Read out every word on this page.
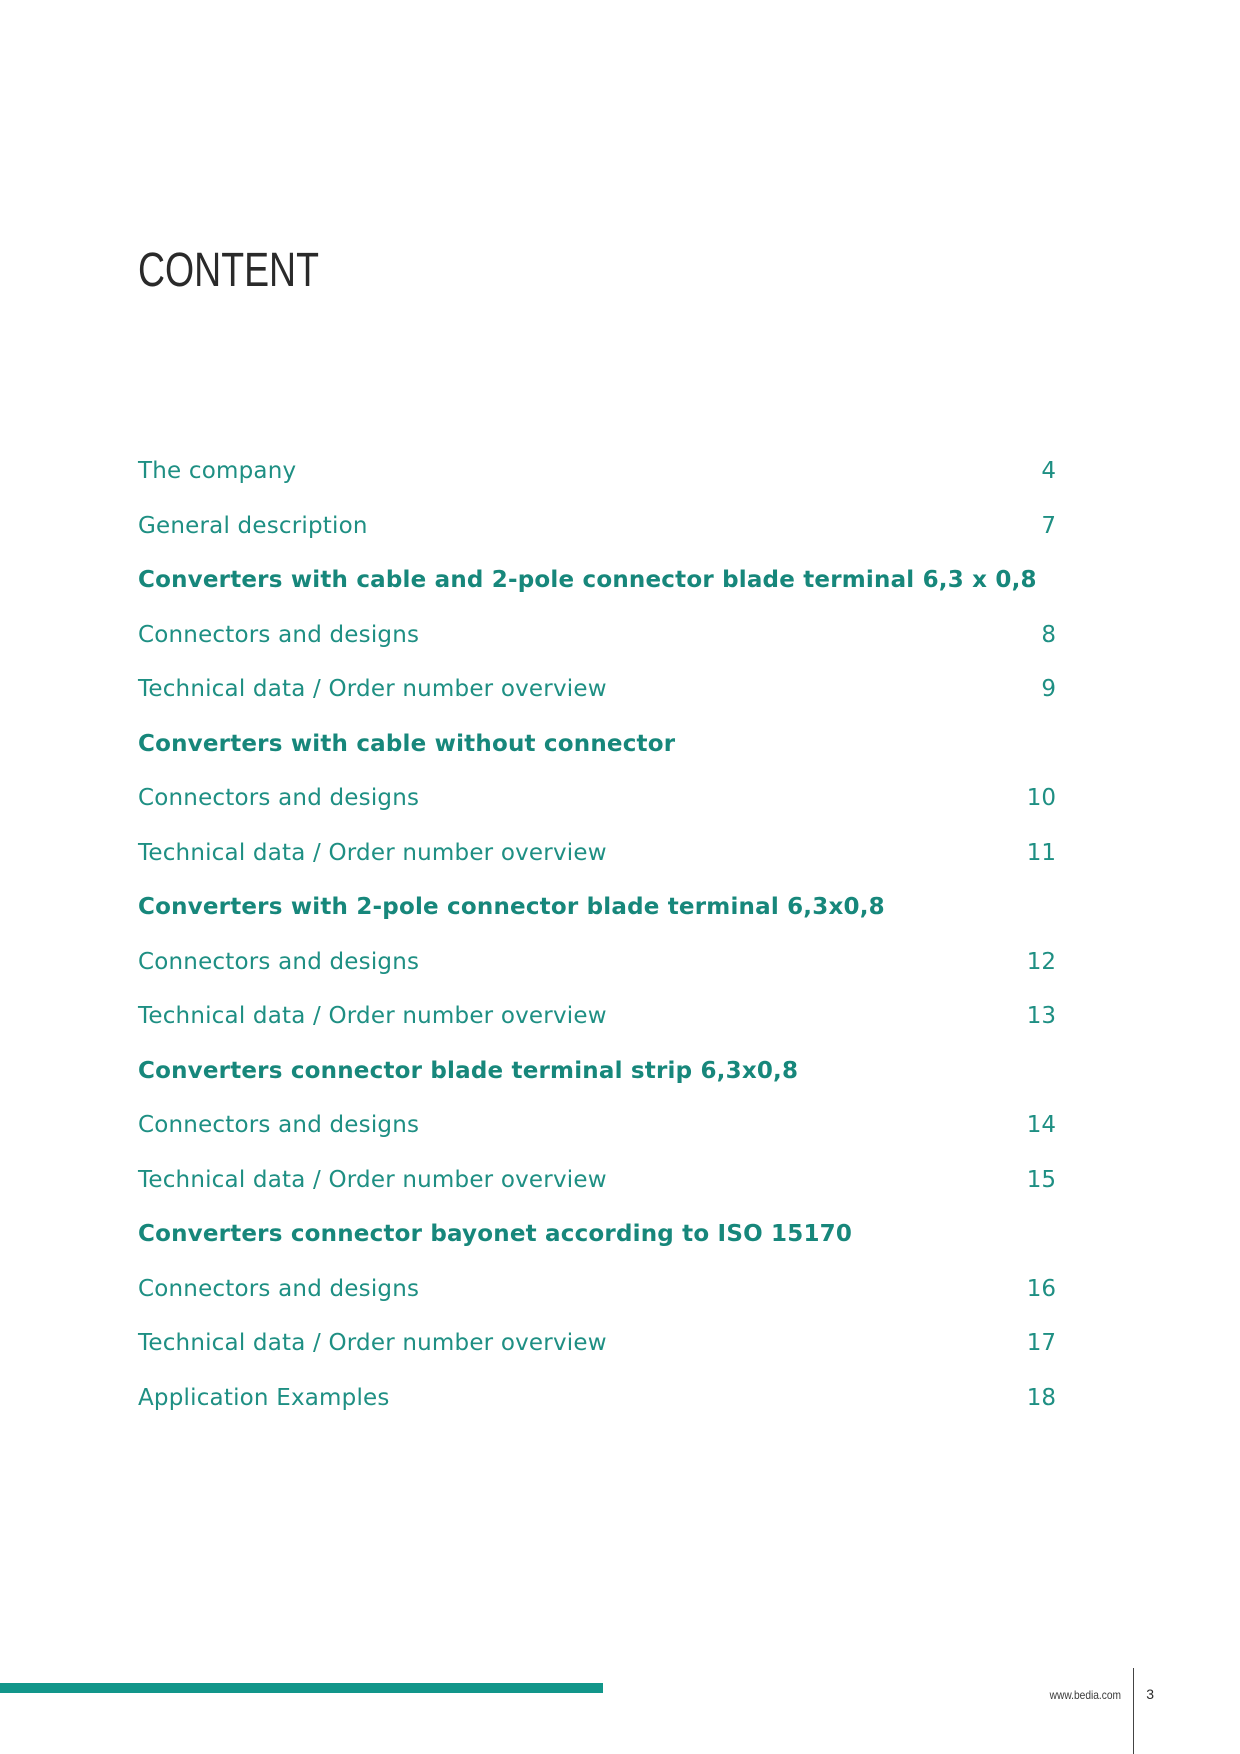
CONTENT
The company	4
General description	7
Converters with cable and 2-pole connector blade terminal 6,3 x 0,8
Connectors and designs	8
Technical data / Order number overview	9
Converters with cable without connector
Connectors and designs	10
Technical data / Order number overview	11
Converters with 2-pole connector blade terminal 6,3x0,8
Connectors and designs	12
Technical data / Order number overview	13
Converters connector blade terminal strip 6,3x0,8
Connectors and designs	14
Technical data / Order number overview	15
Converters connector bayonet according to ISO 15170
Connectors and designs	16
Technical data / Order number overview	17
Application Examples	18
www.bedia.com 3
